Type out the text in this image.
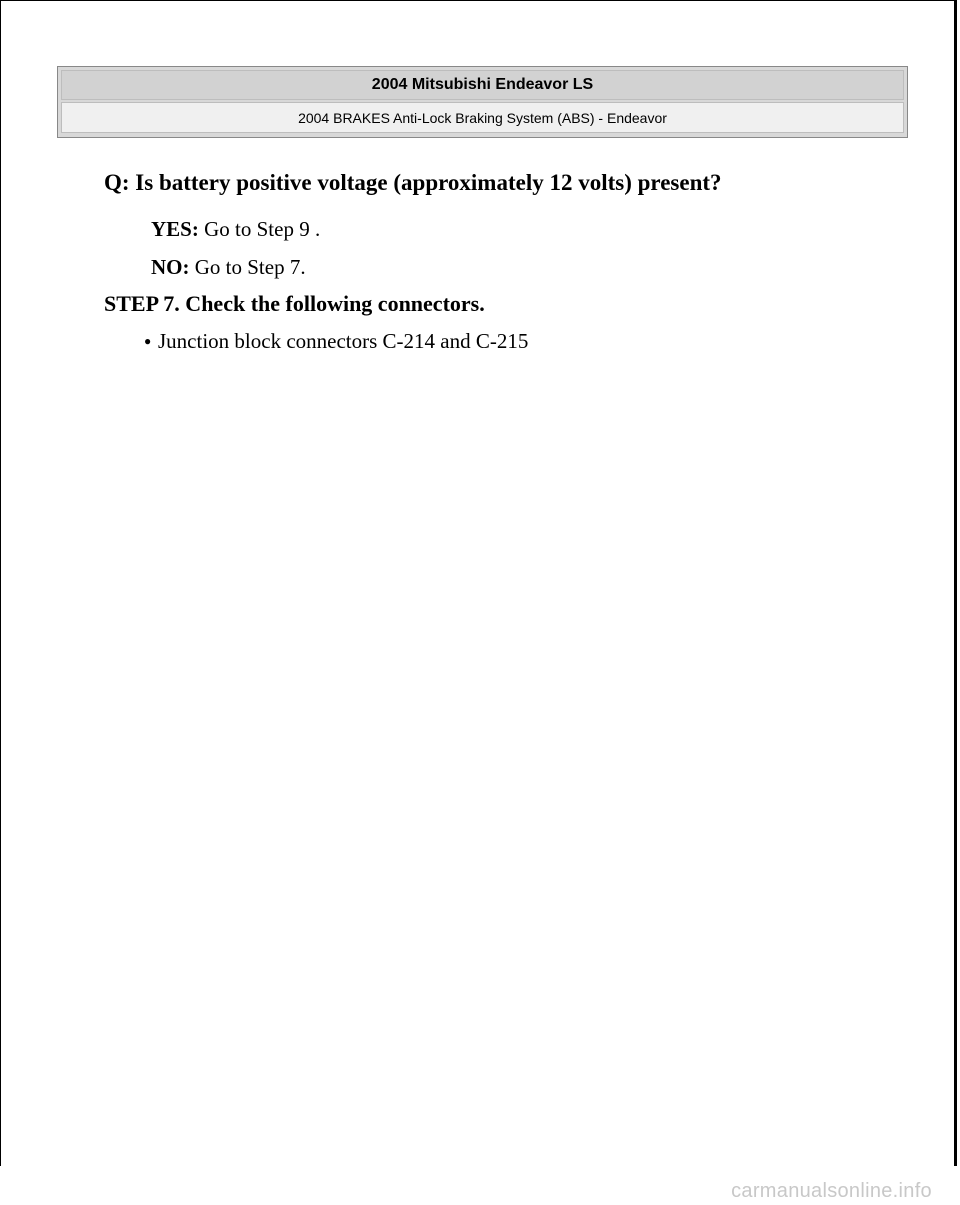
2004 Mitsubishi Endeavor LS
2004 BRAKES Anti-Lock Braking System (ABS) - Endeavor

Q: Is battery positive voltage (approximately 12 volts) present?

YES: Go to Step 9 .

NO: Go to Step 7.

STEP 7. Check the following connectors.

● Junction block connectors C-214 and C-215
carmanualsonline.info
